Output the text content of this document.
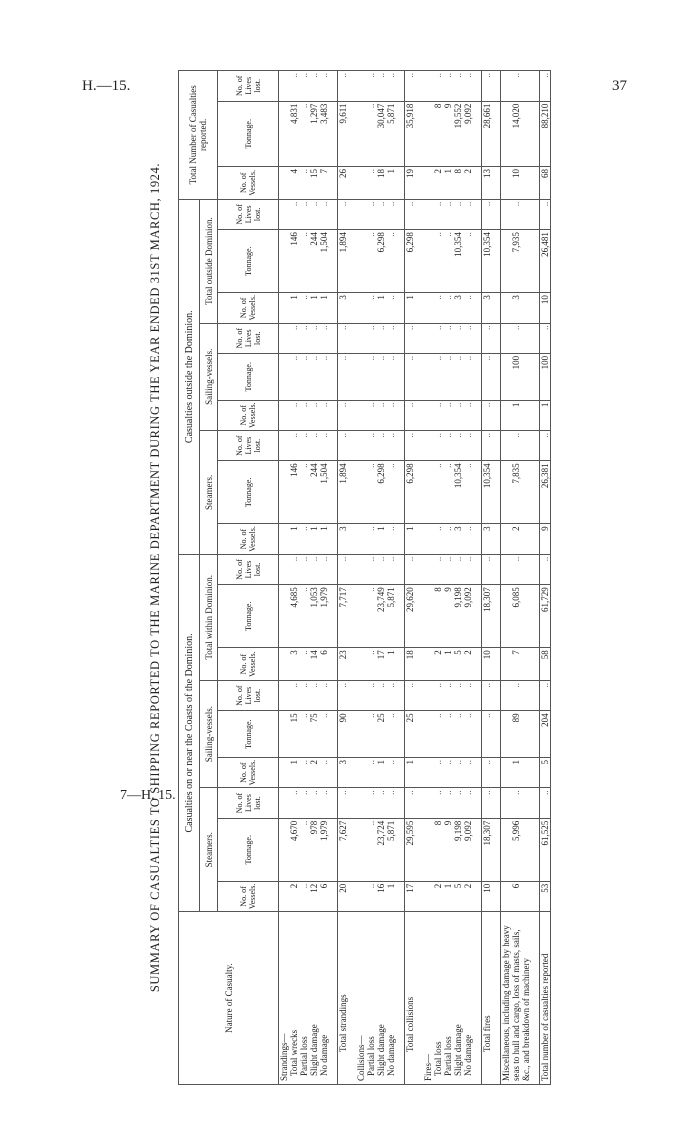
H.—15.	37
SUMMARY OF CASUALTIES TO SHIPPING REPORTED TO THE MARINE DEPARTMENT DURING THE YEAR ENDED 31ST MARCH, 1924.
Nature of Casualty.	Casualties on or near the Coasts of the Dominion.									Casualties outside the Dominion.									Total Number of Casualties reported.		
	Steamers.			Sailing-vessels.			Total within Dominion.			Steamers.			Sailing-vessels.			Total outside Dominion.					
	No. of Vessels.	Tonnage.	No. of Lives lost.	No. of Vessels.	Tonnage.	No. of Lives lost.	No. of Vessels.	Tonnage.	No. of Lives lost.	No. of Vessels.	Tonnage.	No. of Lives lost.	No. of Vessels.	Tonnage.	No. of Lives lost.	No. of Vessels.	Tonnage.	No. of Lives lost.	No. of Vessels.	Tonnage.	No. of Lives lost.
Strandings—																					
Total wrecks	2	4,670	..	1	15	..	3	4,685	..	1	146	..	..	..	..	1	146	..	4	4,831	..
Partial loss	..	..	..	..	..	..	..	..	..	..	..	..	..	..	..	..	..	..	..	..	..
Slight damage	12	978	..	2	75	..	14	1,053	..	1	244	..	..	..	..	1	244	..	15	1,297	..
No damage	6	1,979	..	..	..	..	6	1,979	..	1	1,504	..	..	..	..	1	1,504	..	7	3,483	..

Total strandings	20	7,627	..	3	90	..	23	7,717	..	3	1,894	..	..	..	..	3	1,894	..	26	9,611	..

Collisions—																					
Partial loss	..	..	..	..	..	..	..	..	..	..	..	..	..	..	..	..	..	..	..	..	..
Slight damage	16	23,724	..	1	25	..	17	23,749	..	1	6,298	..	..	..	..	1	6,298	..	18	30,047	..
No damage	1	5,871	..	..	..	..	1	5,871	..	..	..	..	..	..	..	..	..	..	1	5,871	..

Total collisions	17	29,595	..	1	25	..	18	29,620	..	1	6,298	..	..	..	..	1	6,298	..	19	35,918	..

Fires—																					
Total loss	2	8	..	..	..	..	2	8	..	..	..	..	..	..	..	..	..	..	2	8	..
Partial loss	1	9	..	..	..	..	1	9	..	..	..	..	..	..	..	..	..	..	1	9	..
Slight damage	5	9,198	..	..	..	..	5	9,198	..	3	10,354	..	..	..	..	3	10,354	..	8	19,552	..
No damage	2	9,092	..	..	..	..	2	9,092	..	..	..	..	..	..	..	..	..	..	2	9,092	..

Total fires	10	18,307	..	..	..	..	10	18,307	..	3	10,354	..	..	..	..	3	10,354	..	13	28,661	..

Miscellaneous, including damage by heavy seas to hull and cargo, loss of masts, sails, &c., and breakdown of machinery	6	5,996	..	1	89	..	7	6,085	..	2	7,835	..	1	100	..	3	7,935	..	10	14,020	..

Total number of casualties reported	53	61,525	..	5	204	..	58	61,729	..	9	26,381	..	1	100	..	10	26,481	..	68	88,210	..
7—H. 15.
